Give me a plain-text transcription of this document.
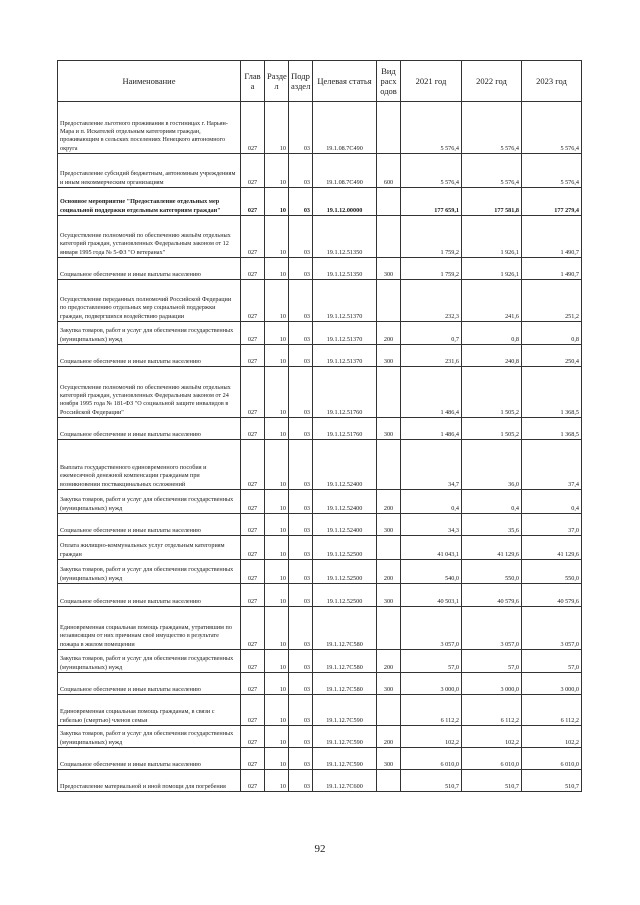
Наименование	Глав а	Разде л	Подр аздел	Целевая статья	Вид расх одов	2021 год	2022 год	2023 год
Предоставление льготного проживания в гостиницах г. Нарьян-Мара и п. Искателей отдельным категориям граждан, проживающим в сельских поселениях Ненецкого автономного округа	027	10	03	19.1.08.7С490		5 576,4	5 576,4	5 576,4
Предоставление субсидий бюджетным, автономным учреждениям и иным некоммерческим организациям	027	10	03	19.1.08.7С490	600	5 576,4	5 576,4	5 576,4
Основное мероприятие "Предоставление отдельных мер социальной поддержки отдельным категориям граждан"	027	10	03	19.1.12.00000		177 659,1	177 581,8	177 279,4
Осуществление полномочий по обеспечению жильём отдельных категорий граждан, установленных Федеральным законом от 12 января 1995 года № 5-ФЗ "О ветеранах"	027	10	03	19.1.12.51350		1 759,2	1 926,1	1 490,7
Социальное обеспечение и иные выплаты населению	027	10	03	19.1.12.51350	300	1 759,2	1 926,1	1 490,7
Осуществление переданных полномочий Российской Федерации по предоставлению отдельных мер социальной поддержки граждан, подвергшихся воздействию радиации	027	10	03	19.1.12.51370		232,3	241,6	251,2
Закупка товаров, работ и услуг для обеспечения государственных (муниципальных) нужд	027	10	03	19.1.12.51370	200	0,7	0,8	0,8
Социальное обеспечение и иные выплаты населению	027	10	03	19.1.12.51370	300	231,6	240,8	250,4
Осуществление полномочий по обеспечению жильём отдельных категорий граждан, установленных Федеральным законом от 24 ноября 1995 года № 181-ФЗ "О социальной защите инвалидов в Российской Федерации"	027	10	03	19.1.12.51760		1 486,4	1 505,2	1 368,5
Социальное обеспечение и иные выплаты населению	027	10	03	19.1.12.51760	300	1 486,4	1 505,2	1 368,5
Выплата государственного единовременного пособия и ежемесячной денежной компенсации гражданам при возникновении поствакцинальных осложнений	027	10	03	19.1.12.52400		34,7	36,0	37,4
Закупка товаров, работ и услуг для обеспечения государственных (муниципальных) нужд	027	10	03	19.1.12.52400	200	0,4	0,4	0,4
Социальное обеспечение и иные выплаты населению	027	10	03	19.1.12.52400	300	34,3	35,6	37,0
Оплата жилищно-коммунальных услуг отдельным категориям граждан	027	10	03	19.1.12.52500		41 043,1	41 129,6	41 129,6
Закупка товаров, работ и услуг для обеспечения государственных (муниципальных) нужд	027	10	03	19.1.12.52500	200	540,0	550,0	550,0
Социальное обеспечение и иные выплаты населению	027	10	03	19.1.12.52500	300	40 503,1	40 579,6	40 579,6
Единовременная социальная помощь гражданам, утратившим по независящим от них причинам своё имущество в результате пожара в жилом помещении	027	10	03	19.1.12.7С580		3 057,0	3 057,0	3 057,0
Закупка товаров, работ и услуг для обеспечения государственных (муниципальных) нужд	027	10	03	19.1.12.7С580	200	57,0	57,0	57,0
Социальное обеспечение и иные выплаты населению	027	10	03	19.1.12.7С580	300	3 000,0	3 000,0	3 000,0
Единовременная социальная помощь гражданам, в связи с гибелью (смертью) членов семьи	027	10	03	19.1.12.7С590		6 112,2	6 112,2	6 112,2
Закупка товаров, работ и услуг для обеспечения государственных (муниципальных) нужд	027	10	03	19.1.12.7С590	200	102,2	102,2	102,2
Социальное обеспечение и иные выплаты населению	027	10	03	19.1.12.7С590	300	6 010,0	6 010,0	6 010,0
Предоставление материальной и иной помощи для погребения	027	10	03	19.1.12.7С600		510,7	510,7	510,7
92
